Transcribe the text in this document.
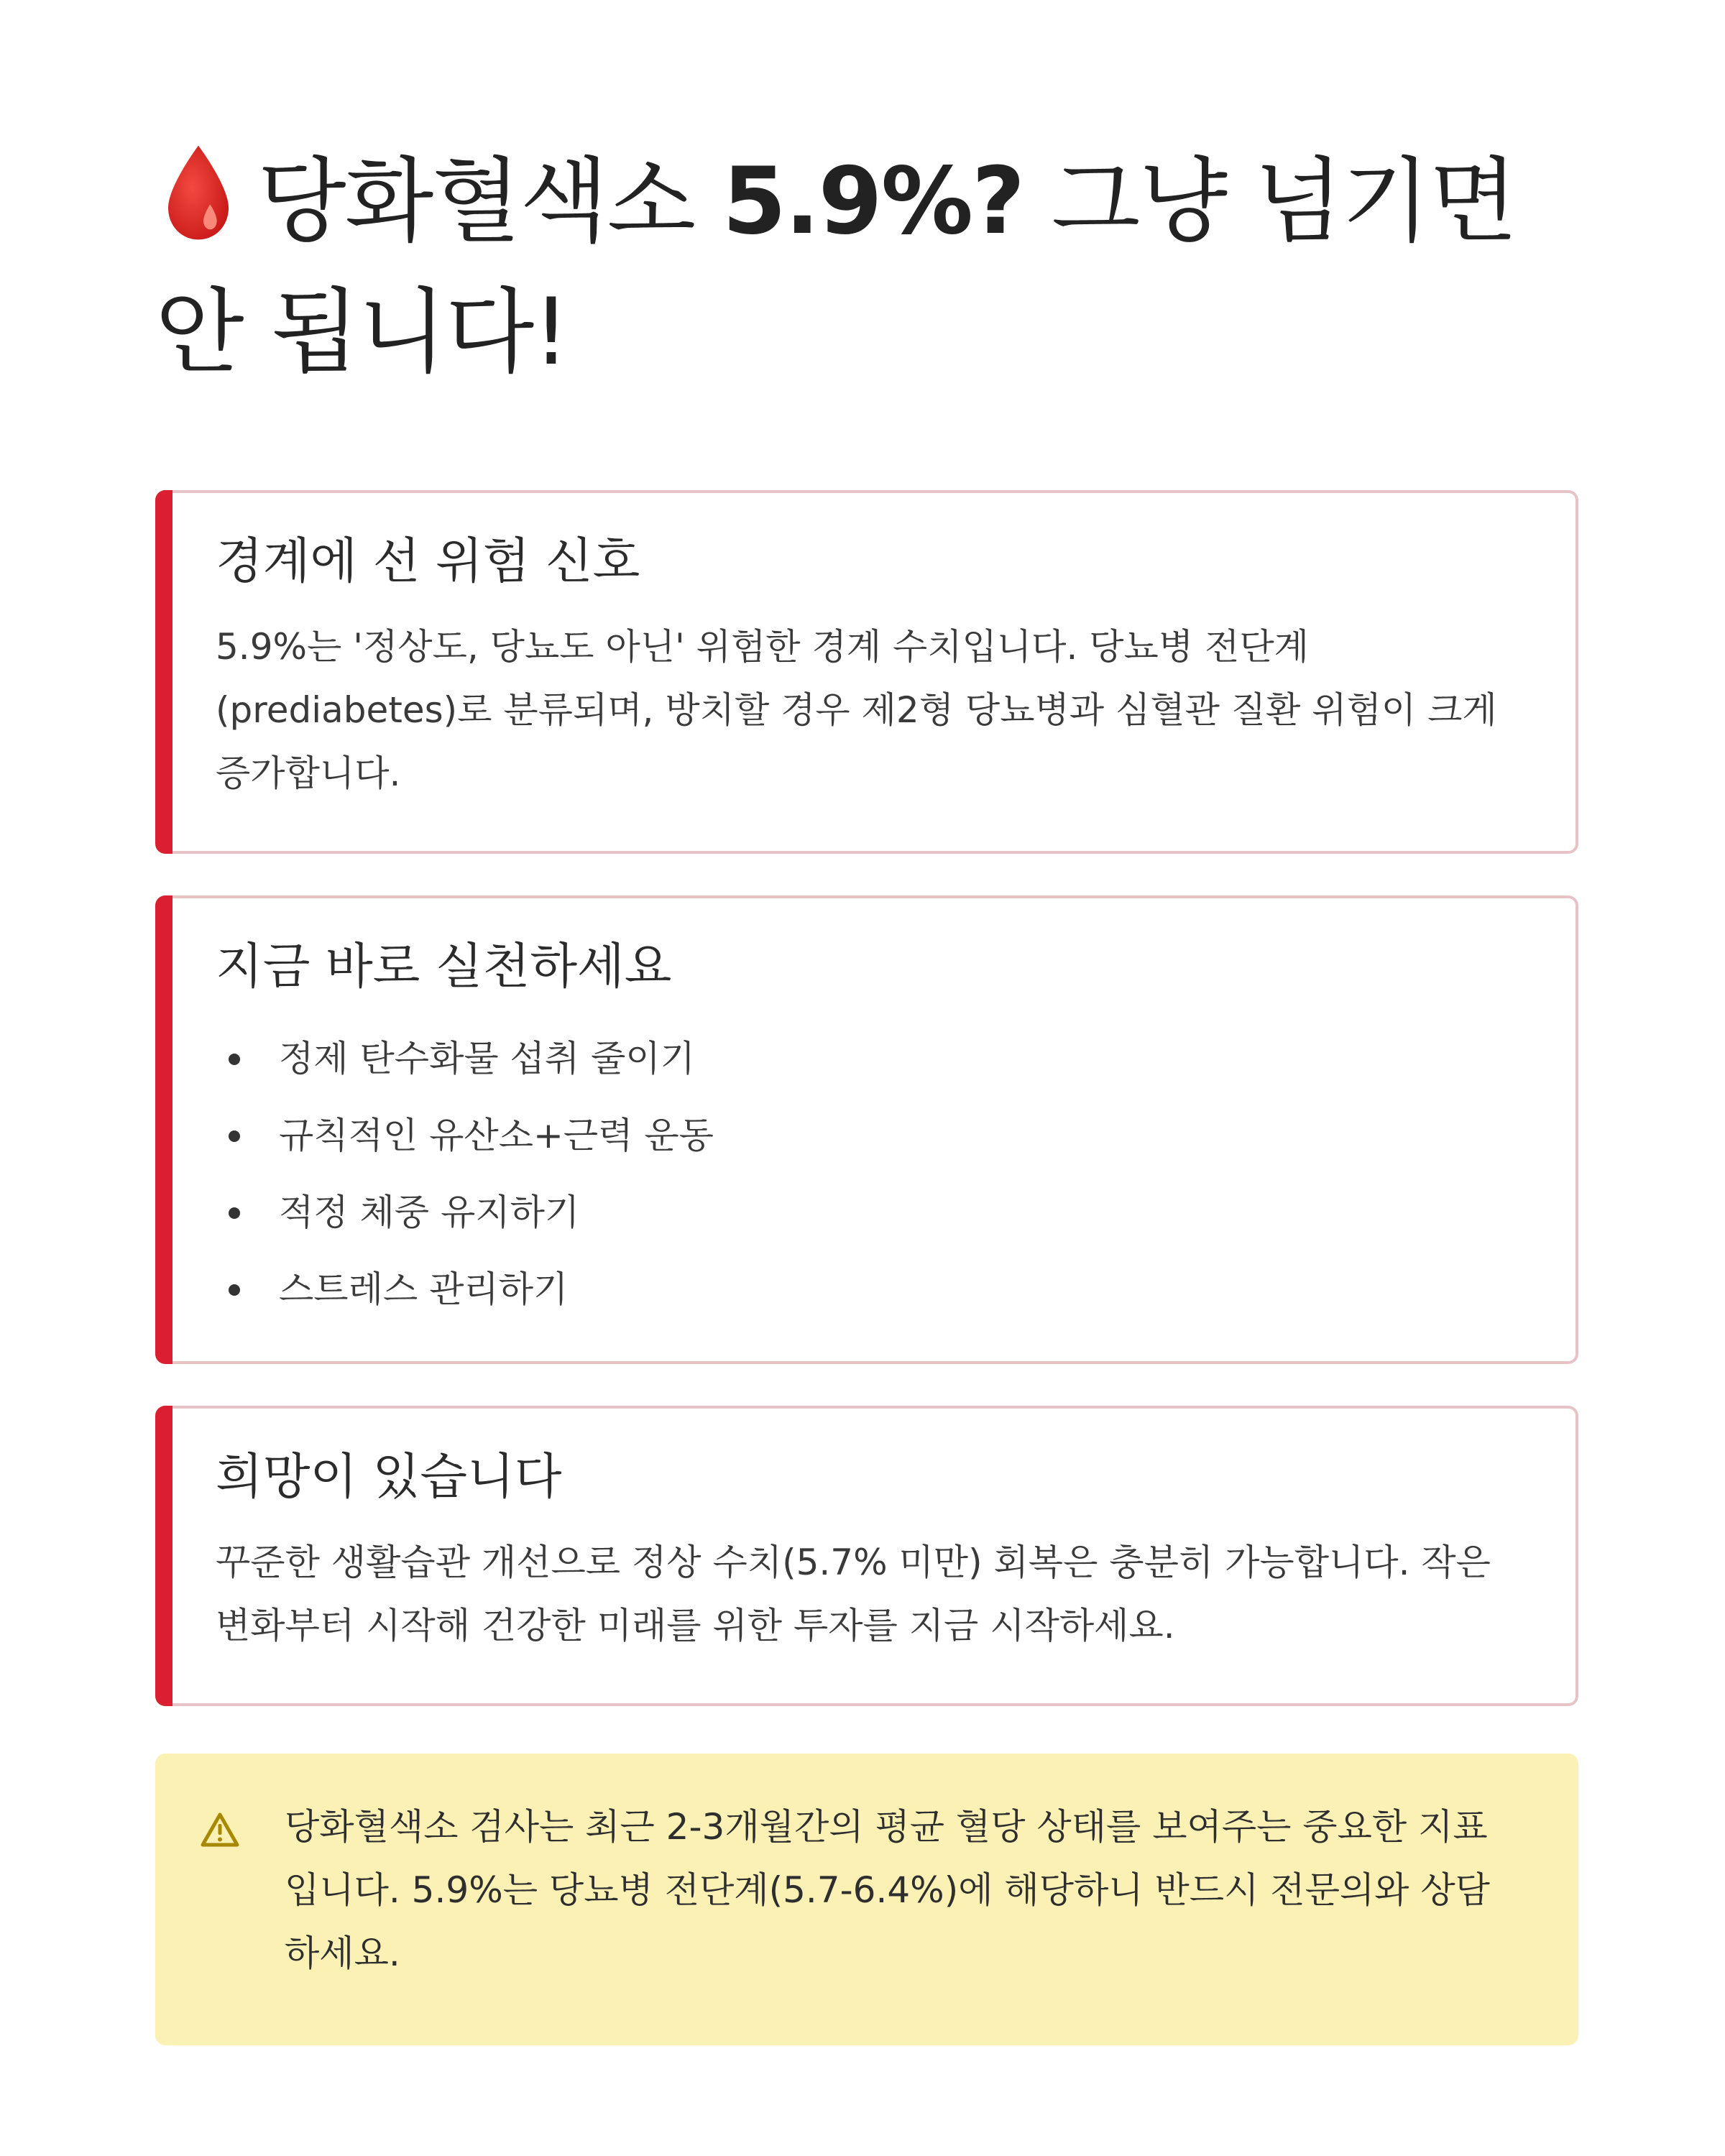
당화혈색소 5.9%? 그냥 넘기면 안 됩니다!
경계에 선 위험 신호

5.9%는 '정상도, 당뇨도 아닌' 위험한 경계 수치입니다. 당뇨병 전단계(prediabetes)로 분류되며, 방치할 경우 제2형 당뇨병과 심혈관 질환 위험이 크게 증가합니다.

지금 바로 실천하세요
정제 탄수화물 섭취 줄이기
규칙적인 유산소+근력 운동
적정 체중 유지하기
스트레스 관리하기
희망이 있습니다

꾸준한 생활습관 개선으로 정상 수치(5.7% 미만) 회복은 충분히 가능합니다. 작은 변화부터 시작해 건강한 미래를 위한 투자를 지금 시작하세요.

당화혈색소 검사는 최근 2-3개월간의 평균 혈당 상태를 보여주는 중요한 지표입니다. 5.9%는 당뇨병 전단계(5.7-6.4%)에 해당하니 반드시 전문의와 상담하세요.
